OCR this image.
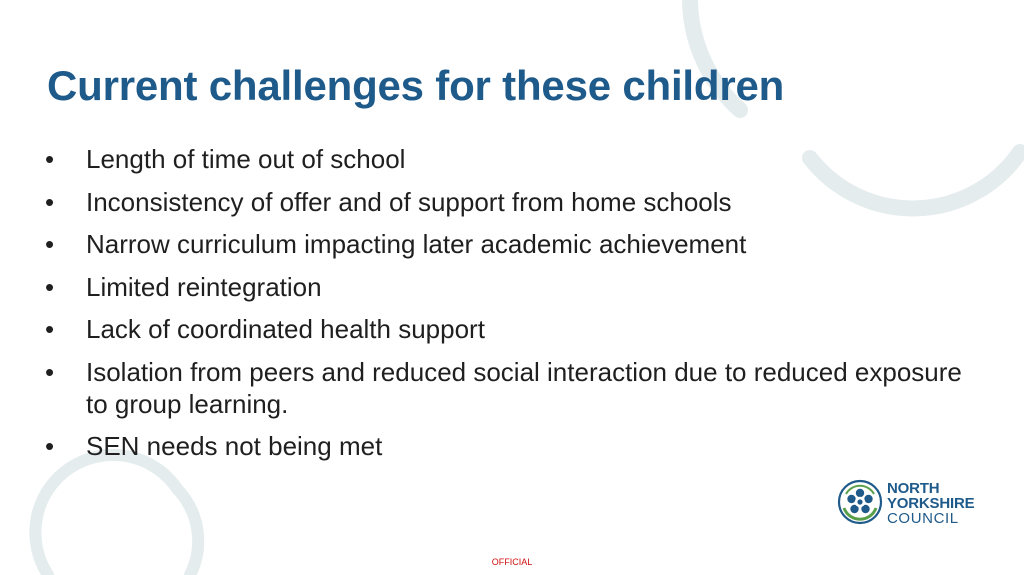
Current challenges for these children
• Length of time out of school
• Inconsistency of offer and of support from home schools
• Narrow curriculum impacting later academic achievement
• Limited reintegration
• Lack of coordinated health support
• Isolation from peers and reduced social interaction due to reduced exposure to group learning.
• SEN needs not being met
NORTH
YORKSHIRE
COUNCIL
OFFICIAL
